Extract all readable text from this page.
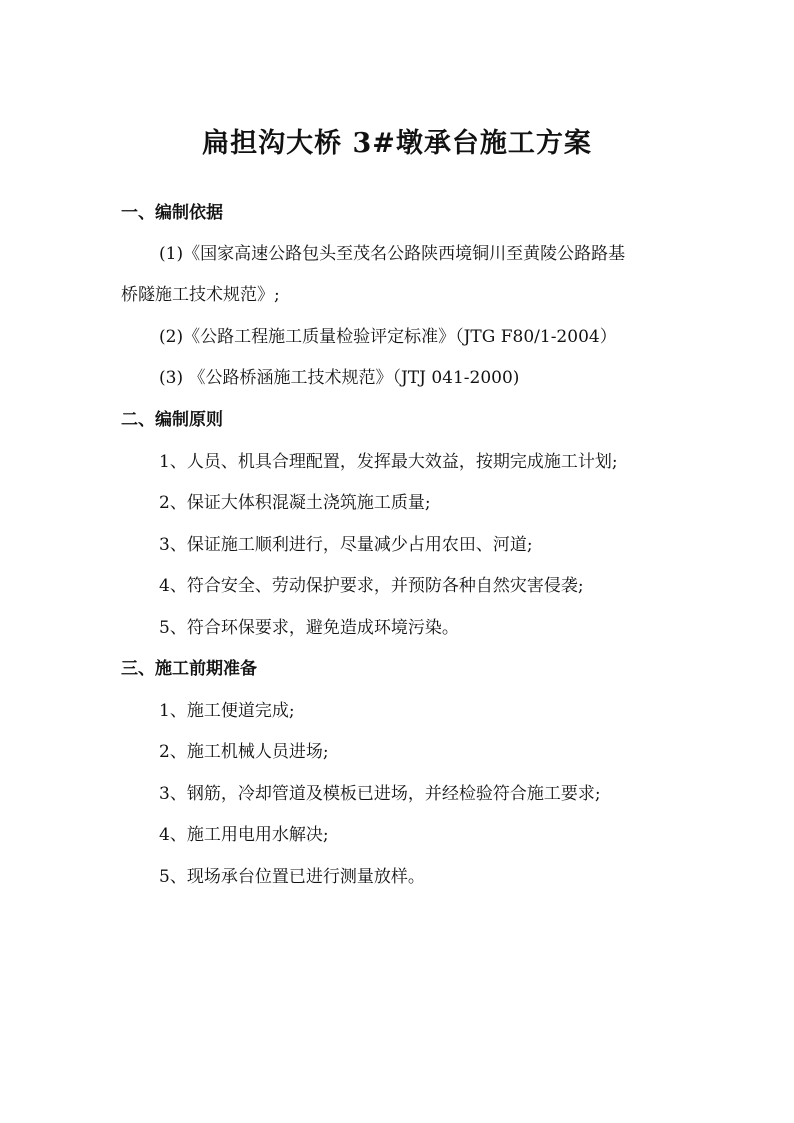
扁担沟大桥 3#墩承台施工方案
一、编制依据
(1)《国家高速公路包头至茂名公路陕西境铜川至黄陵公路路基
桥隧施工技术规范》;
(2)《公路工程施工质量检验评定标准》（JTG F80/1-2004）
(3) 《公路桥涵施工技术规范》（JTJ 041-2000)
二、编制原则
1、人员、机具合理配置，发挥最大效益，按期完成施工计划;
2、保证大体积混凝土浇筑施工质量;
3、保证施工顺利进行，尽量减少占用农田、河道;
4、符合安全、劳动保护要求，并预防各种自然灾害侵袭;
5、符合环保要求，避免造成环境污染。
三、施工前期准备
1、施工便道完成;
2、施工机械人员进场;
3、钢筋，冷却管道及模板已进场，并经检验符合施工要求;
4、施工用电用水解决;
5、现场承台位置已进行测量放样。
